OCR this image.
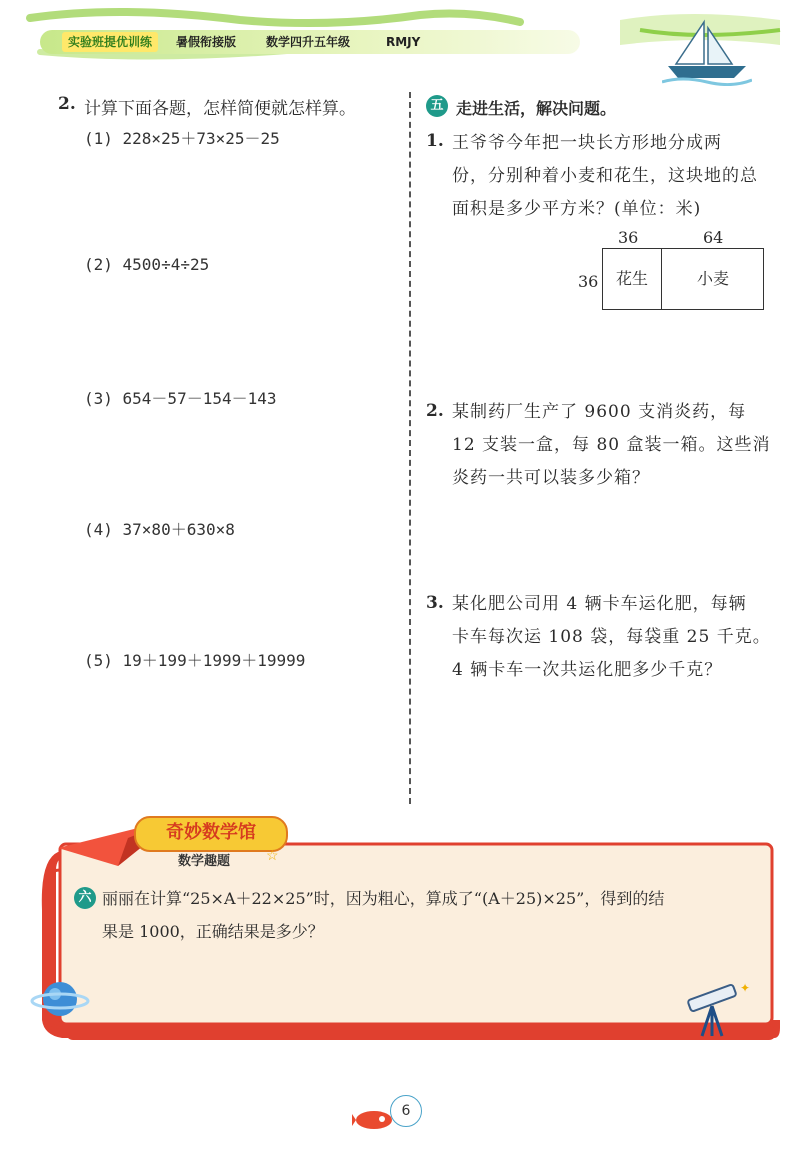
实验班提优训练	暑假衔接版 数学四升五年级	RMJY
2. 计算下面各题，怎样简便就怎样算。
(1) 228×25＋73×25－25
(2) 4500÷4÷25
(3) 654－57－154－143
(4) 37×80＋630×8
(5) 19＋199＋1999＋19999
五 走进生活，解决问题。
1. 王爷爷今年把一块长方形地分成两
份，分别种着小麦和花生，这块地的总
面积是多少平方米？(单位：米)
36	64
36	花生	小麦
2. 某制药厂生产了 9600 支消炎药，每
12 支装一盒，每 80 盒装一箱。这些消
炎药一共可以装多少箱？
3. 某化肥公司用 4 辆卡车运化肥，每辆
卡车每次运 108 袋，每袋重 25 千克。
4 辆卡车一次共运化肥多少千克？
奇妙数学馆
数学趣题	☆
六 丽丽在计算“25×A＋22×25”时，因为粗心，算成了“(A＋25)×25”，得到的结
果是 1000，正确结果是多少？
✦
6
